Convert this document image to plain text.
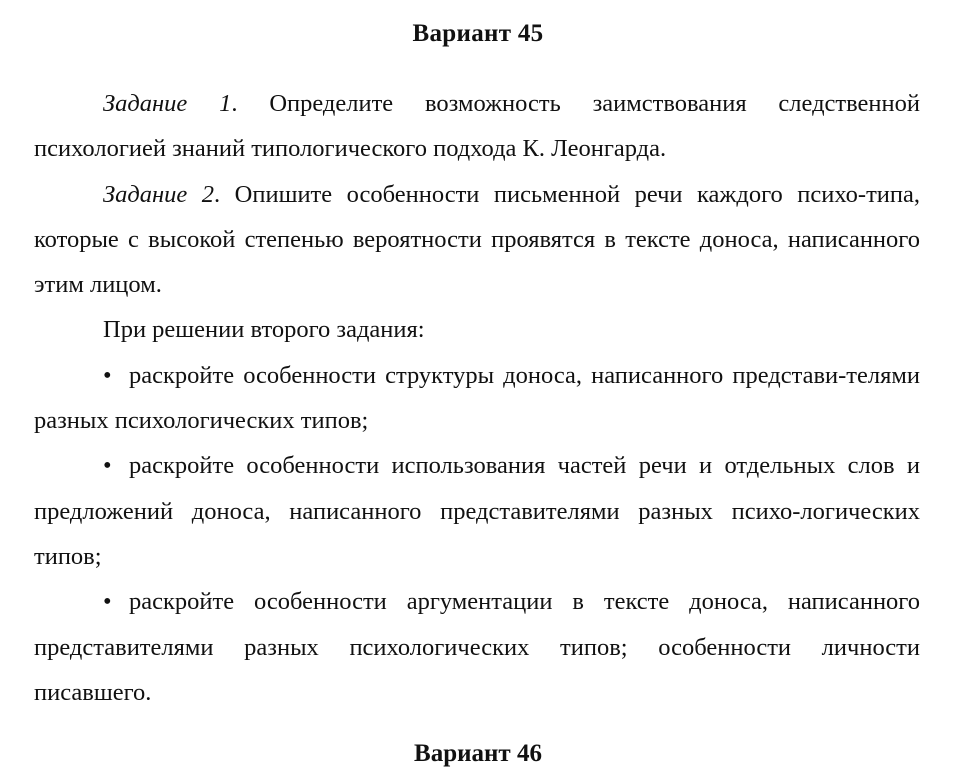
Вариант 45

Задание 1. Определите возможность заимствования следственной психологией знаний типологического подхода К. Леонгарда.

Задание 2. Опишите особенности письменной речи каждого психо-типа, которые с высокой степенью вероятности проявятся в тексте доноса, написанного этим лицом.

При решении второго задания:

• раскройте особенности структуры доноса, написанного представи-телями разных психологических типов;

• раскройте особенности использования частей речи и отдельных слов и предложений доноса, написанного представителями разных психо-логических типов;

• раскройте особенности аргументации в тексте доноса, написанного представителями разных психологических типов; особенности личности писавшего.

Вариант 46
